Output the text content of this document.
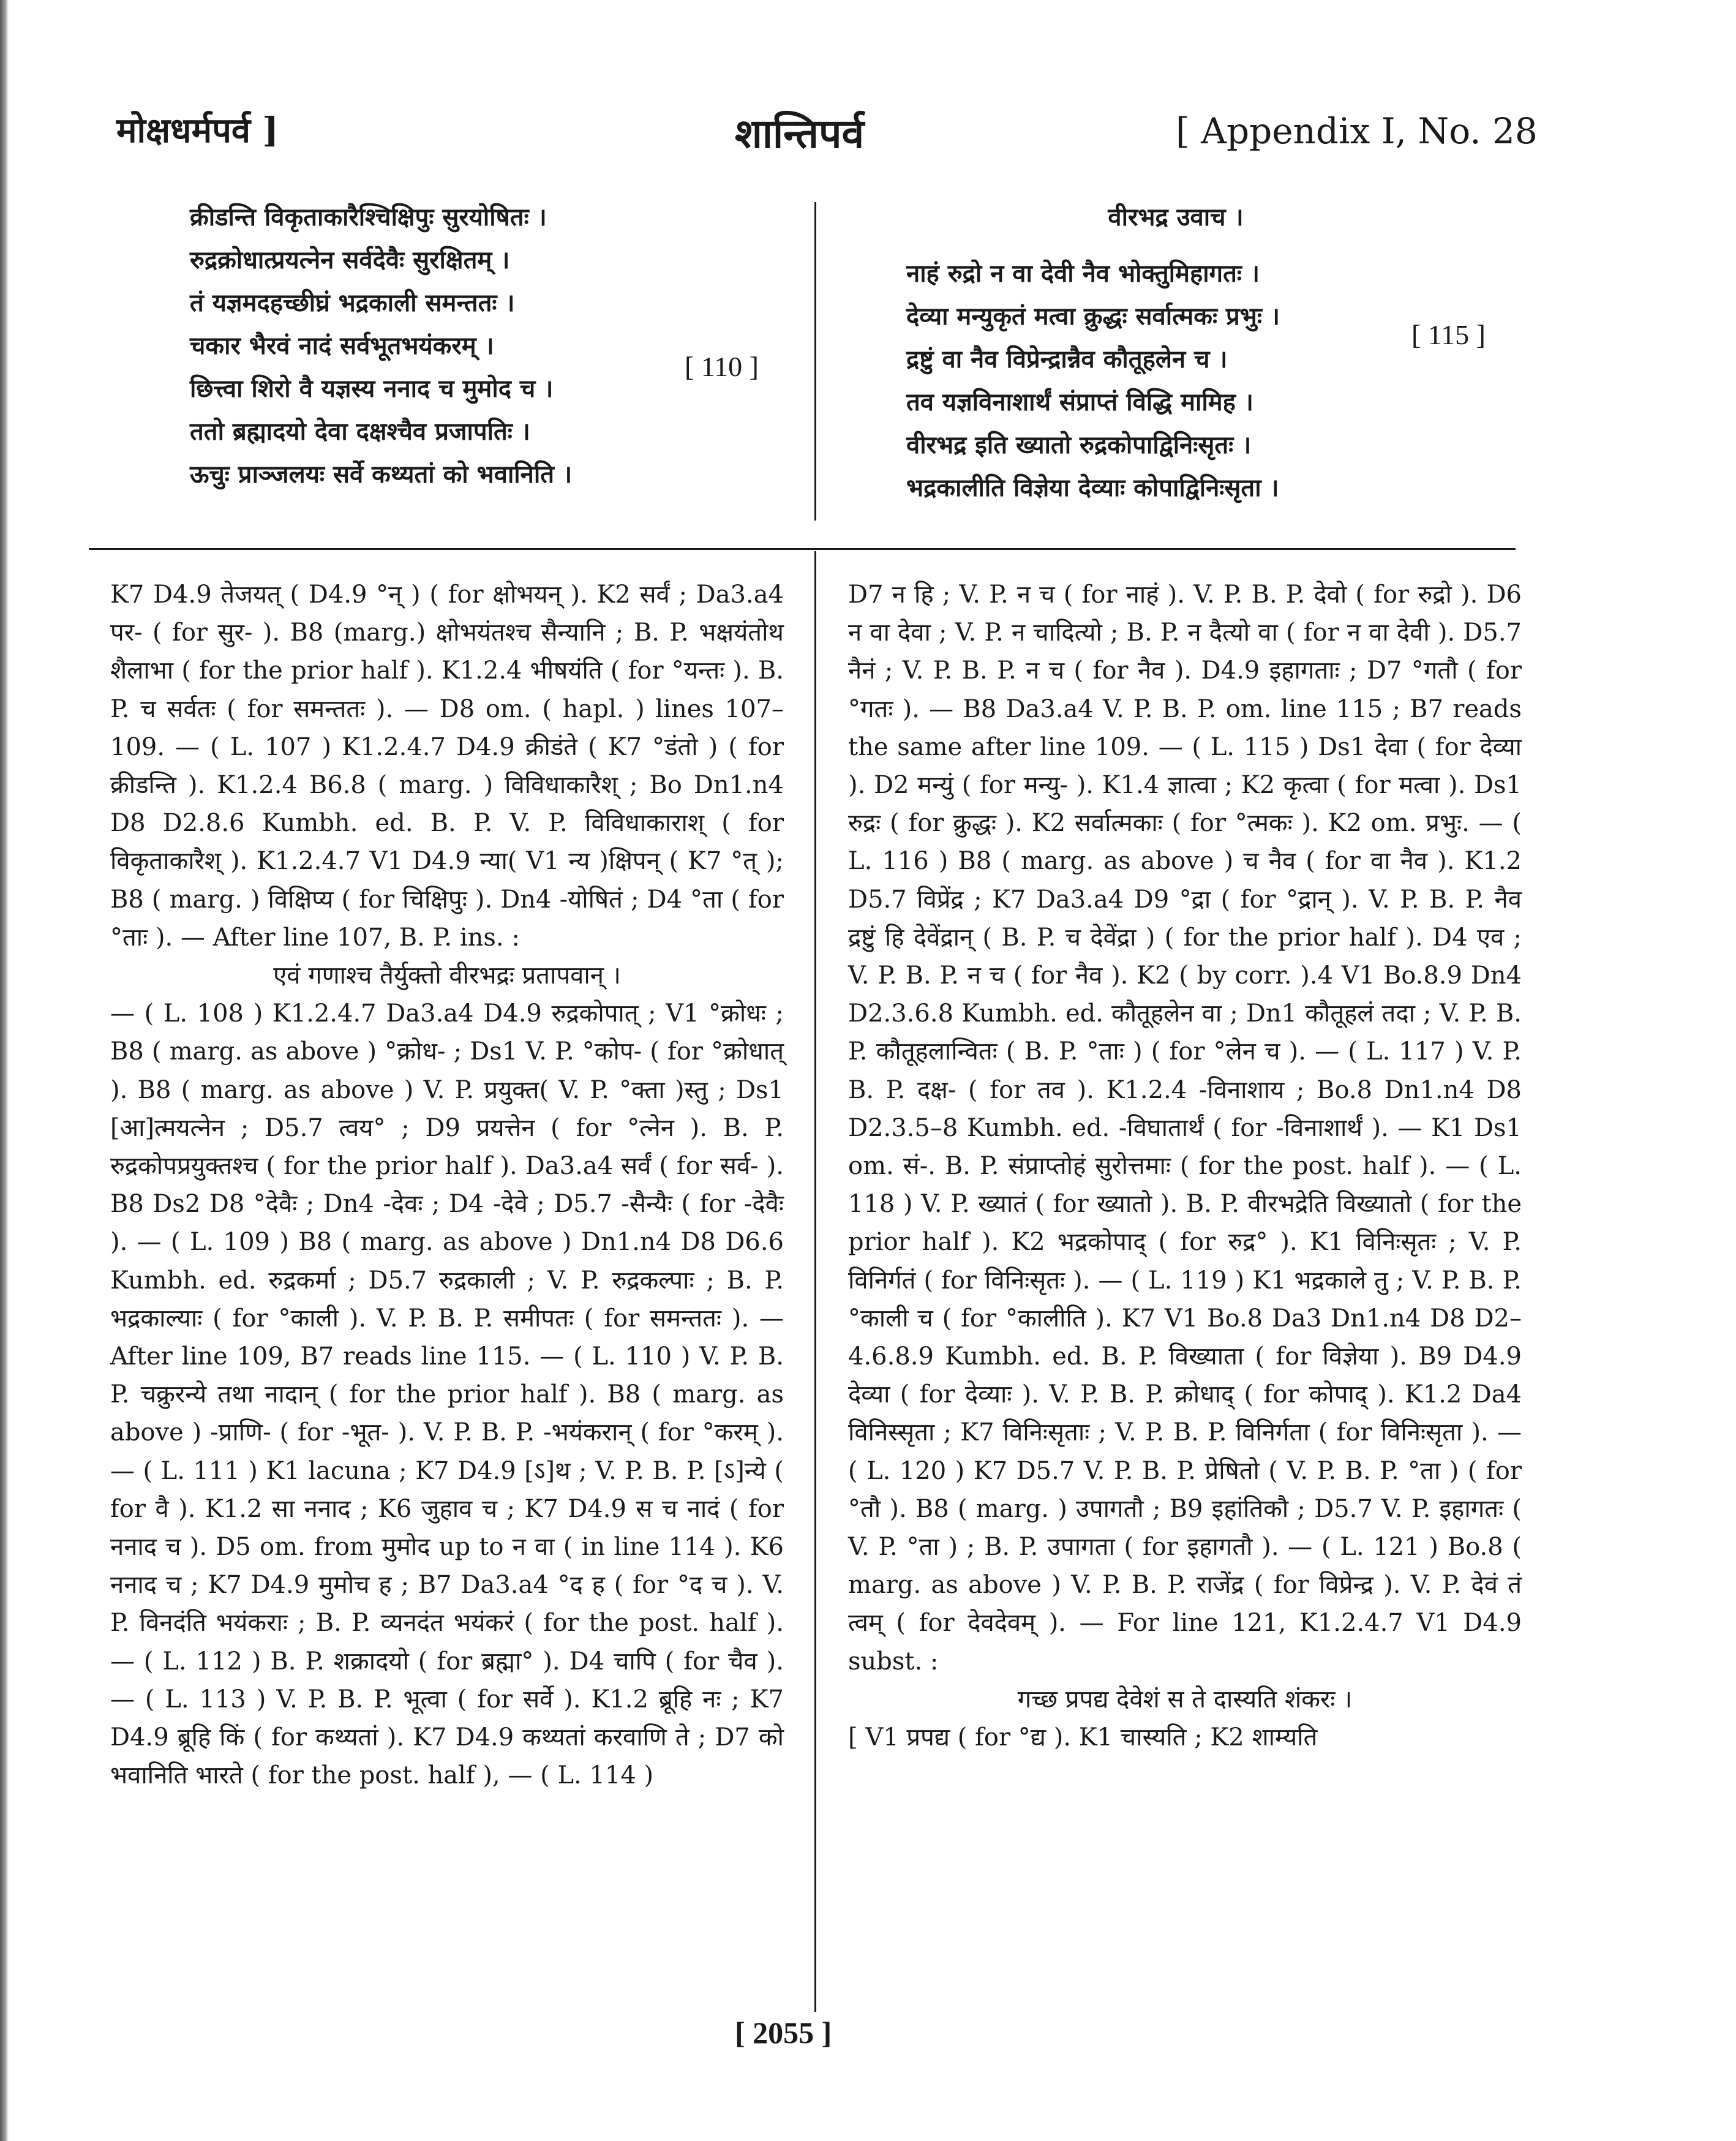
मोक्षधर्मपर्व ]	शान्तिपर्व	[ Appendix I, No. 28
क्रीडन्ति विकृताकारैश्चिक्षिपुः सुरयोषितः ।
रुद्रक्रोधात्प्रयत्नेन सर्वदेवैः सुरक्षितम् ।
तं यज्ञमदहच्छीघ्रं भद्रकाली समन्ततः ।
चकार भैरवं नादं सर्वभूतभयंकरम् ।
छित्त्वा शिरो वै यज्ञस्य ननाद च मुमोद च ।
ततो ब्रह्मादयो देवा दक्षश्चैव प्रजापतिः ।
ऊचुः प्राञ्जलयः सर्वे कथ्यतां को भवानिति ।
[ 110 ]
वीरभद्र उवाच ।
नाहं रुद्रो न वा देवी नैव भोक्तुमिहागतः ।
देव्या मन्युकृतं मत्वा क्रुद्धः सर्वात्मकः प्रभुः ।
द्रष्टुं वा नैव विप्रेन्द्रान्नैव कौतूहलेन च ।
तव यज्ञविनाशार्थं संप्राप्तं विद्धि मामिह ।
वीरभद्र इति ख्यातो रुद्रकोपाद्विनिःसृतः ।
भद्रकालीति विज्ञेया देव्याः कोपाद्विनिःसृता ।
[ 115 ]

K7 D4.9 तेजयत् ( D4.9 °न् ) ( for क्षोभयन् ). K2 सर्वं ; Da3.a4 पर- ( for सुर- ). B8 (marg.) क्षोभयंतश्च सैन्यानि ; B. P. भक्षयंतोथ शैलाभा ( for the prior half ). K1.2.4 भीषयंति ( for °यन्तः ). B. P. च सर्वतः ( for समन्ततः ). — D8 om. ( hapl. ) lines 107–109. — ( L. 107 ) K1.2.4.7 D4.9 क्रीडंते ( K7 °डंतो ) ( for क्रीडन्ति ). K1.2.4 B6.8 ( marg. ) विविधाकारैश् ; Bo Dn1.n4 D8 D2.8.6 Kumbh. ed. B. P. V. P. विविधाकाराश् ( for विकृताकारैश् ). K1.2.4.7 V1 D4.9 न्या( V1 न्य )क्षिपन् ( K7 °त् ); B8 ( marg. ) विक्षिप्य ( for चिक्षिपुः ). Dn4 -योषितं ; D4 °ता ( for °ताः ). — After line 107, B. P. ins. :

एवं गणाश्च तैर्युक्तो वीरभद्रः प्रतापवान् ।

— ( L. 108 ) K1.2.4.7 Da3.a4 D4.9 रुद्रकोपात् ; V1 °क्रोधः ; B8 ( marg. as above ) °क्रोध- ; Ds1 V. P. °कोप- ( for °क्रोधात् ). B8 ( marg. as above ) V. P. प्रयुक्त( V. P. °क्ता )स्तु ; Ds1 [आ]त्मयत्नेन ; D5.7 त्वय° ; D9 प्रयत्तेन ( for °त्नेन ). B. P. रुद्रकोपप्रयुक्तश्च ( for the prior half ). Da3.a4 सर्वं ( for सर्व- ). B8 Ds2 D8 °देवैः ; Dn4 -देवः ; D4 -देवे ; D5.7 -सैन्यैः ( for -देवैः ). — ( L. 109 ) B8 ( marg. as above ) Dn1.n4 D8 D6.6 Kumbh. ed. रुद्रकर्मा ; D5.7 रुद्रकाली ; V. P. रुद्रकल्पाः ; B. P. भद्रकाल्याः ( for °काली ). V. P. B. P. समीपतः ( for समन्ततः ). — After line 109, B7 reads line 115. — ( L. 110 ) V. P. B. P. चक्रुरन्ये तथा नादान् ( for the prior half ). B8 ( marg. as above ) -प्राणि- ( for -भूत- ). V. P. B. P. -भयंकरान् ( for °करम् ). — ( L. 111 ) K1 lacuna ; K7 D4.9 [ऽ]थ ; V. P. B. P. [ऽ]न्ये ( for वै ). K1.2 सा ननाद ; K6 जुहाव च ; K7 D4.9 स च नादं ( for ननाद च ). D5 om. from मुमोद up to न वा ( in line 114 ). K6 ननाद च ; K7 D4.9 मुमोच ह ; B7 Da3.a4 °द ह ( for °द च ). V. P. विनदंति भयंकराः ; B. P. व्यनदंत भयंकरं ( for the post. half ). — ( L. 112 ) B. P. शक्रादयो ( for ब्रह्मा° ). D4 चापि ( for चैव ). — ( L. 113 ) V. P. B. P. भूत्वा ( for सर्वे ). K1.2 ब्रूहि नः ; K7 D4.9 ब्रूहि किं ( for कथ्यतां ). K7 D4.9 कथ्यतां करवाणि ते ; D7 को भवानिति भारते ( for the post. half ), — ( L. 114 )

D7 न हि ; V. P. न च ( for नाहं ). V. P. B. P. देवो ( for रुद्रो ). D6 न वा देवा ; V. P. न चादित्यो ; B. P. न दैत्यो वा ( for न वा देवी ). D5.7 नैनं ; V. P. B. P. न च ( for नैव ). D4.9 इहागताः ; D7 °गतौ ( for °गतः ). — B8 Da3.a4 V. P. B. P. om. line 115 ; B7 reads the same after line 109. — ( L. 115 ) Ds1 देवा ( for देव्या ). D2 मन्युं ( for मन्यु- ). K1.4 ज्ञात्वा ; K2 कृत्वा ( for मत्वा ). Ds1 रुद्रः ( for क्रुद्धः ). K2 सर्वात्मकाः ( for °त्मकः ). K2 om. प्रभुः. — ( L. 116 ) B8 ( marg. as above ) च नैव ( for वा नैव ). K1.2 D5.7 विप्रेंद्र ; K7 Da3.a4 D9 °द्रा ( for °द्रान् ). V. P. B. P. नैव द्रष्टुं हि देवेंद्रान् ( B. P. च देवेंद्रा ) ( for the prior half ). D4 एव ; V. P. B. P. न च ( for नैव ). K2 ( by corr. ).4 V1 Bo.8.9 Dn4 D2.3.6.8 Kumbh. ed. कौतूहलेन वा ; Dn1 कौतूहलं तदा ; V. P. B. P. कौतूहलान्वितः ( B. P. °ताः ) ( for °लेन च ). — ( L. 117 ) V. P. B. P. दक्ष- ( for तव ). K1.2.4 -विनाशाय ; Bo.8 Dn1.n4 D8 D2.3.5–8 Kumbh. ed. -विघातार्थं ( for -विनाशार्थं ). — K1 Ds1 om. सं-. B. P. संप्राप्तोहं सुरोत्तमाः ( for the post. half ). — ( L. 118 ) V. P. ख्यातं ( for ख्यातो ). B. P. वीरभद्रेति विख्यातो ( for the prior half ). K2 भद्रकोपाद् ( for रुद्र° ). K1 विनिःसृतः ; V. P. विनिर्गतं ( for विनिःसृतः ). — ( L. 119 ) K1 भद्रकाले तु ; V. P. B. P. °काली च ( for °कालीति ). K7 V1 Bo.8 Da3 Dn1.n4 D8 D2–4.6.8.9 Kumbh. ed. B. P. विख्याता ( for विज्ञेया ). B9 D4.9 देव्या ( for देव्याः ). V. P. B. P. क्रोधाद् ( for कोपाद् ). K1.2 Da4 विनिस्सृता ; K7 विनिःसृताः ; V. P. B. P. विनिर्गता ( for विनिःसृता ). — ( L. 120 ) K7 D5.7 V. P. B. P. प्रेषितो ( V. P. B. P. °ता ) ( for °तौ ). B8 ( marg. ) उपागतौ ; B9 इहांतिकौ ; D5.7 V. P. इहागतः ( V. P. °ता ) ; B. P. उपागता ( for इहागतौ ). — ( L. 121 ) Bo.8 ( marg. as above ) V. P. B. P. राजेंद्र ( for विप्रेन्द्र ). V. P. देवं तं त्वम् ( for देवदेवम् ). — For line 121, K1.2.4.7 V1 D4.9 subst. :

गच्छ प्रपद्य देवेशं स ते दास्यति शंकरः ।

[ V1 प्रपद्य ( for °द्य ). K1 चास्यति ; K2 शाम्यति

[ 2055 ]
